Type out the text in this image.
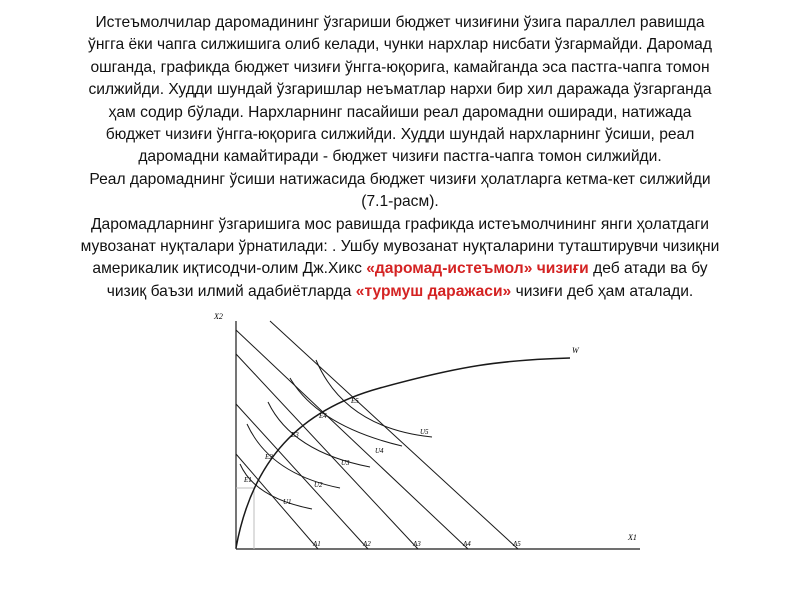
Истеъмолчилар даромадининг ўзгариши бюджет чизиғини ўзига параллел равишда
ўнгга ёки чапга силжишига олиб келади, чунки нархлар нисбати ўзгармайди. Даромад
ошганда, графикда бюджет чизиғи ўнгга-юқорига, камайганда эса пастга-чапга томон
силжийди. Худди шундай ўзгаришлар неъматлар нархи бир хил даражада ўзгарганда
ҳам содир бўлади. Нархларнинг пасайиши реал даромадни оширади, натижада
бюджет чизиғи ўнгга-юқорига силжийди. Худди шундай нархларнинг ўсиши, реал
даромадни камайтиради - бюджет чизиғи пастга-чапга томон силжийди.
Реал даромаднинг ўсиши натижасида бюджет чизиғи ҳолатларга кетма-кет силжийди
(7.1-расм).
Даромадларнинг ўзгаришига мос равишда графикда истеъмолчининг янги ҳолатдаги
мувозанат нуқталари ўрнатилади: . Ушбу мувозанат нуқталарини туташтирувчи чизиқни
америкалик иқтисодчи-олим Дж.Хикс «даромад-истеъмол» чизиғи деб атади ва бу
чизиқ баъзи илмий адабиётларда «турмуш даражаси» чизиғи деб ҳам аталади.
X2
X1
W
A1	A2	A3	A4	A5
E1
E2
E3
E4
E5
U1
U2
U3
U4
U5
